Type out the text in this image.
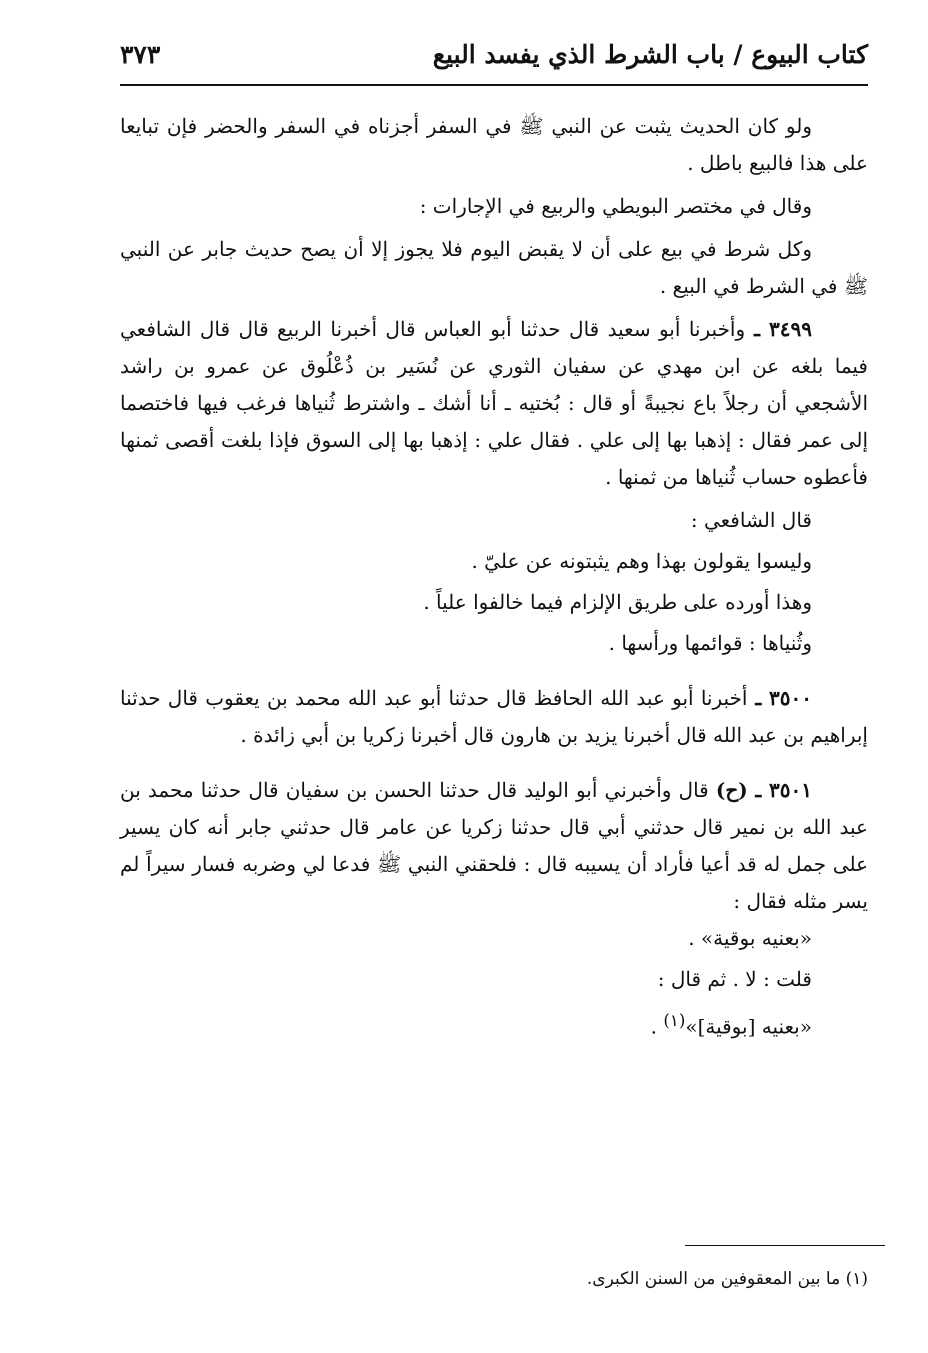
كتاب البيوع / باب الشرط الذي يفسد البيع
٣٧٣

ولو كان الحديث يثبت عن النبي ﷺ في السفر أجزناه في السفر والحضر فإن تبايعا على هذا فالبيع باطل .

وقال في مختصر البويطي والربيع في الإجارات :

وكل شرط في بيع على أن لا يقبض اليوم فلا يجوز إلا أن يصح حديث جابر عن النبي ﷺ في الشرط في البيع .

٣٤٩٩ ـ وأخبرنا أبو سعيد قال حدثنا أبو العباس قال أخبرنا الربيع قال قال الشافعي فيما بلغه عن ابن مهدي عن سفيان الثوري عن نُسَير بن ذُعْلُوق عن عمرو بن راشد الأشجعي أن رجلاً باع نجيبةً أو قال : بُختيه ـ أنا أشك ـ واشترط ثُنياها فرغب فيها فاختصما إلى عمر فقال : إذهبا بها إلى علي . فقال علي : إذهبا بها إلى السوق فإذا بلغت أقصى ثمنها فأعطوه حساب ثُنياها من ثمنها .

قال الشافعي :

وليسوا يقولون بهذا وهم يثبتونه عن عليّ .

وهذا أورده على طريق الإلزام فيما خالفوا علياً .

وثُنياها : قوائمها ورأسها .

٣٥٠٠ ـ أخبرنا أبو عبد الله الحافظ قال حدثنا أبو عبد الله محمد بن يعقوب قال حدثنا إبراهيم بن عبد الله قال أخبرنا يزيد بن هارون قال أخبرنا زكريا بن أبي زائدة .

٣٥٠١ ـ (ح) قال وأخبرني أبو الوليد قال حدثنا الحسن بن سفيان قال حدثنا محمد بن عبد الله بن نمير قال حدثني أبي قال حدثنا زكريا عن عامر قال حدثني جابر أنه كان يسير على جمل له قد أعيا فأراد أن يسيبه قال : فلحقني النبي ﷺ فدعا لي وضربه فسار سيراً لم يسر مثله فقال :

«بعنيه بوقية» .

قلت : لا . ثم قال :

«بعنيه [بوقية]»$^{(١)}$ .

(١) ما بين المعقوفين من السنن الكبرى.
